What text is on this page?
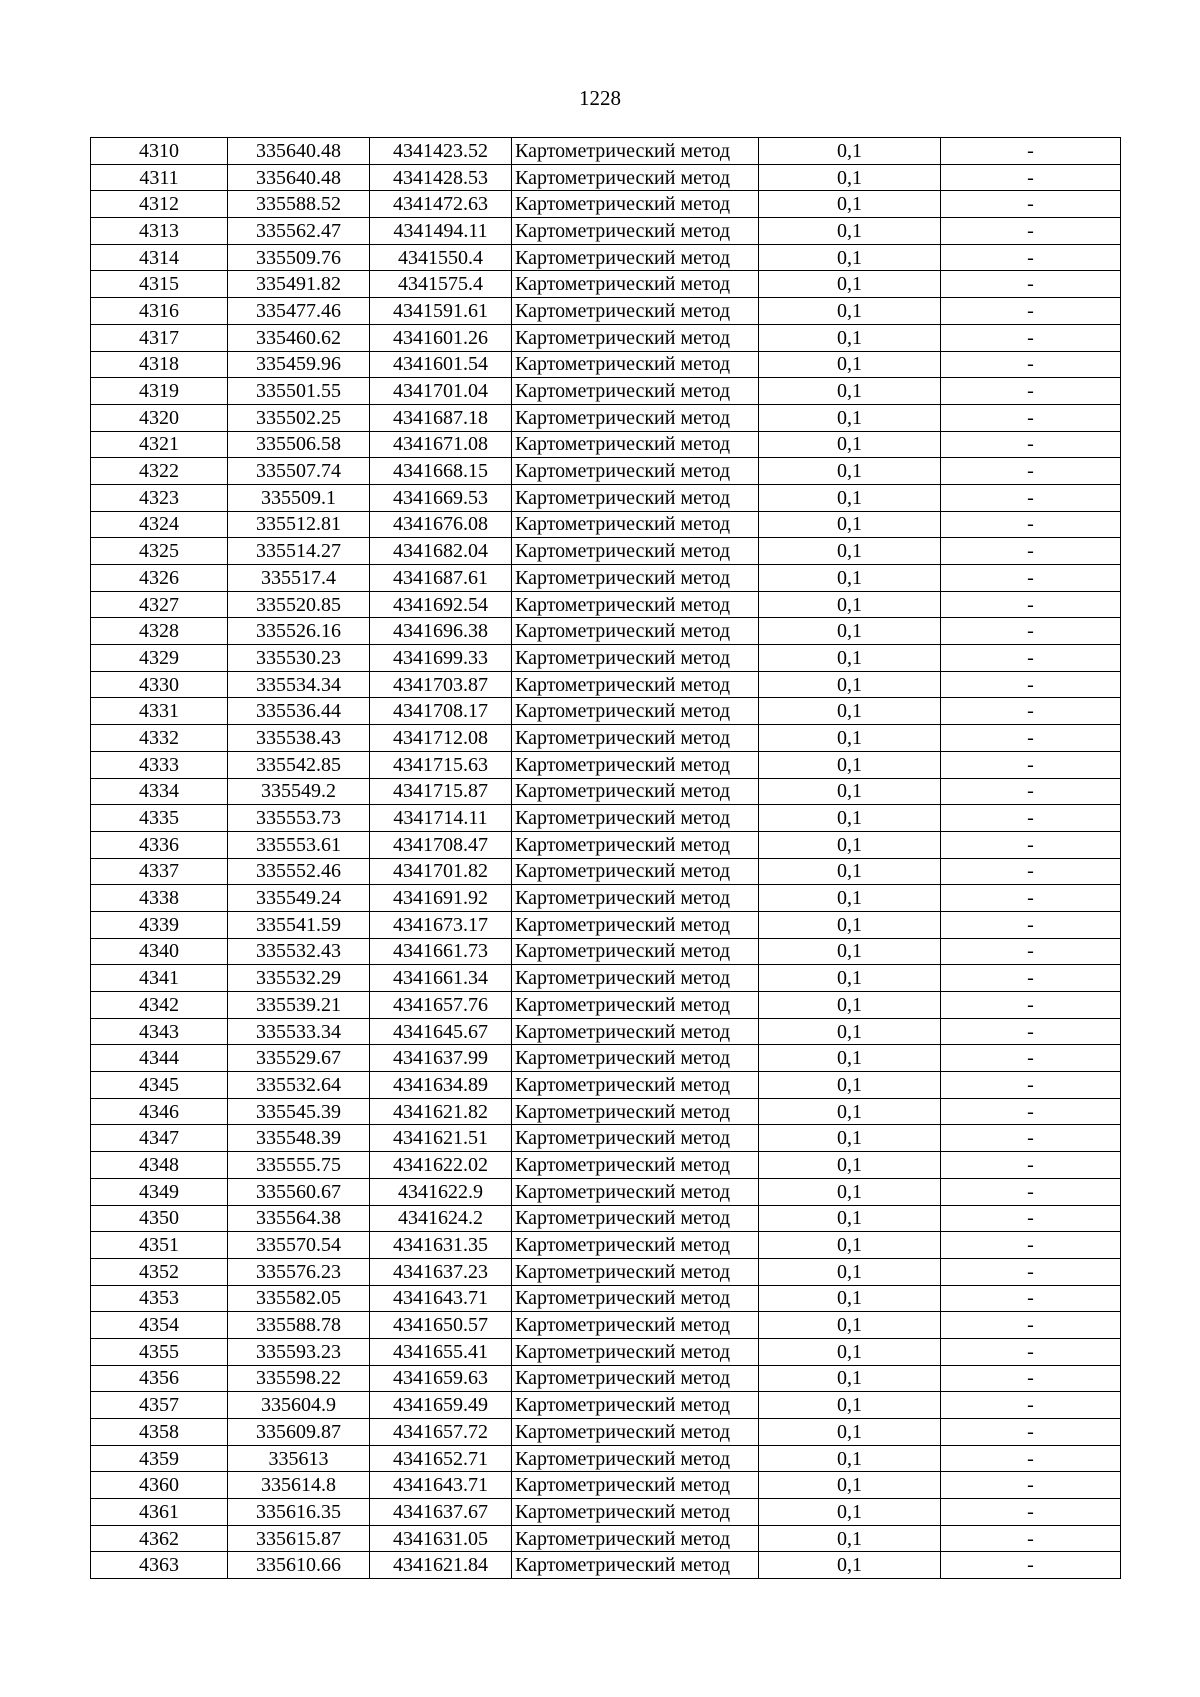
1228
4310	335640.48	4341423.52	Картометрический метод	0,1	-
4311	335640.48	4341428.53	Картометрический метод	0,1	-
4312	335588.52	4341472.63	Картометрический метод	0,1	-
4313	335562.47	4341494.11	Картометрический метод	0,1	-
4314	335509.76	4341550.4	Картометрический метод	0,1	-
4315	335491.82	4341575.4	Картометрический метод	0,1	-
4316	335477.46	4341591.61	Картометрический метод	0,1	-
4317	335460.62	4341601.26	Картометрический метод	0,1	-
4318	335459.96	4341601.54	Картометрический метод	0,1	-
4319	335501.55	4341701.04	Картометрический метод	0,1	-
4320	335502.25	4341687.18	Картометрический метод	0,1	-
4321	335506.58	4341671.08	Картометрический метод	0,1	-
4322	335507.74	4341668.15	Картометрический метод	0,1	-
4323	335509.1	4341669.53	Картометрический метод	0,1	-
4324	335512.81	4341676.08	Картометрический метод	0,1	-
4325	335514.27	4341682.04	Картометрический метод	0,1	-
4326	335517.4	4341687.61	Картометрический метод	0,1	-
4327	335520.85	4341692.54	Картометрический метод	0,1	-
4328	335526.16	4341696.38	Картометрический метод	0,1	-
4329	335530.23	4341699.33	Картометрический метод	0,1	-
4330	335534.34	4341703.87	Картометрический метод	0,1	-
4331	335536.44	4341708.17	Картометрический метод	0,1	-
4332	335538.43	4341712.08	Картометрический метод	0,1	-
4333	335542.85	4341715.63	Картометрический метод	0,1	-
4334	335549.2	4341715.87	Картометрический метод	0,1	-
4335	335553.73	4341714.11	Картометрический метод	0,1	-
4336	335553.61	4341708.47	Картометрический метод	0,1	-
4337	335552.46	4341701.82	Картометрический метод	0,1	-
4338	335549.24	4341691.92	Картометрический метод	0,1	-
4339	335541.59	4341673.17	Картометрический метод	0,1	-
4340	335532.43	4341661.73	Картометрический метод	0,1	-
4341	335532.29	4341661.34	Картометрический метод	0,1	-
4342	335539.21	4341657.76	Картометрический метод	0,1	-
4343	335533.34	4341645.67	Картометрический метод	0,1	-
4344	335529.67	4341637.99	Картометрический метод	0,1	-
4345	335532.64	4341634.89	Картометрический метод	0,1	-
4346	335545.39	4341621.82	Картометрический метод	0,1	-
4347	335548.39	4341621.51	Картометрический метод	0,1	-
4348	335555.75	4341622.02	Картометрический метод	0,1	-
4349	335560.67	4341622.9	Картометрический метод	0,1	-
4350	335564.38	4341624.2	Картометрический метод	0,1	-
4351	335570.54	4341631.35	Картометрический метод	0,1	-
4352	335576.23	4341637.23	Картометрический метод	0,1	-
4353	335582.05	4341643.71	Картометрический метод	0,1	-
4354	335588.78	4341650.57	Картометрический метод	0,1	-
4355	335593.23	4341655.41	Картометрический метод	0,1	-
4356	335598.22	4341659.63	Картометрический метод	0,1	-
4357	335604.9	4341659.49	Картометрический метод	0,1	-
4358	335609.87	4341657.72	Картометрический метод	0,1	-
4359	335613	4341652.71	Картометрический метод	0,1	-
4360	335614.8	4341643.71	Картометрический метод	0,1	-
4361	335616.35	4341637.67	Картометрический метод	0,1	-
4362	335615.87	4341631.05	Картометрический метод	0,1	-
4363	335610.66	4341621.84	Картометрический метод	0,1	-
